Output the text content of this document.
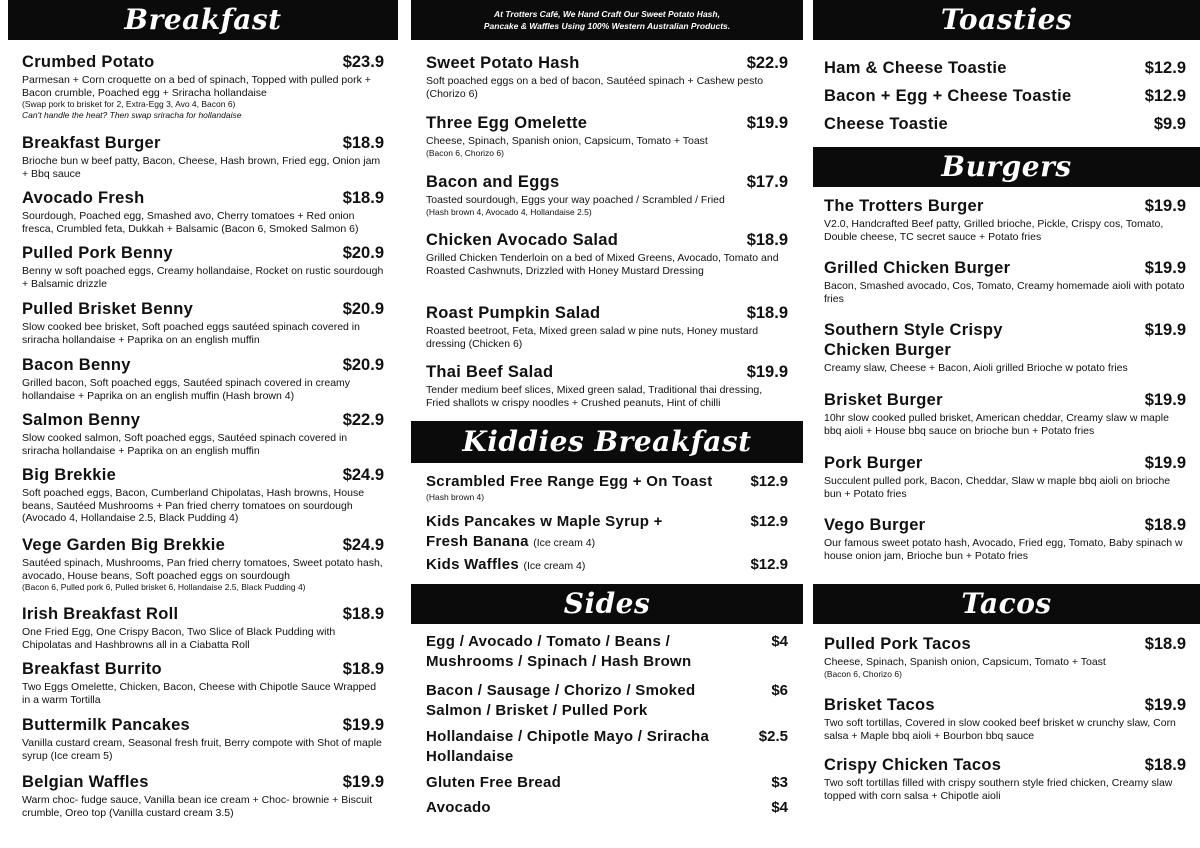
Breakfast
Crumbed Potato	$23.9
Parmesan + Corn croquette on a bed of spinach, Topped with pulled pork + Bacon crumble, Poached egg + Sriracha hollandaise
(Swap pork to brisket for 2, Extra-Egg 3, Avo 4, Bacon 6)
Can't handle the heat? Then swap sriracha for hollandaise
Breakfast Burger	$18.9
Brioche bun w beef patty, Bacon, Cheese, Hash brown, Fried egg, Onion jam + Bbq sauce
Avocado Fresh	$18.9
Sourdough, Poached egg, Smashed avo, Cherry tomatoes + Red onion fresca, Crumbled feta, Dukkah + Balsamic (Bacon 6, Smoked Salmon 6)
Pulled Pork Benny	$20.9
Benny w soft poached eggs, Creamy hollandaise, Rocket on rustic sourdough + Balsamic drizzle
Pulled Brisket Benny	$20.9
Slow cooked bee brisket, Soft poached eggs sautéed spinach covered in sriracha hollandaise + Paprika on an english muffin
Bacon Benny	$20.9
Grilled bacon, Soft poached eggs, Sautéed spinach covered in creamy hollandaise + Paprika on an english muffin (Hash brown 4)
Salmon Benny	$22.9
Slow cooked salmon, Soft poached eggs, Sautéed spinach covered in sriracha hollandaise + Paprika on an english muffin
Big Brekkie	$24.9
Soft poached eggs, Bacon, Cumberland Chipolatas, Hash browns, House beans, Sautéed Mushrooms + Pan fried cherry tomatoes on sourdough (Avocado 4, Hollandaise 2.5, Black Pudding 4)
Vege Garden Big Brekkie	$24.9
Sautéed spinach, Mushrooms, Pan fried cherry tomatoes, Sweet potato hash, avocado, House beans, Soft poached eggs on sourdough
(Bacon 6, Pulled pork 6, Pulled brisket 6, Hollandaise 2.5, Black Pudding 4)
Irish Breakfast Roll	$18.9
One Fried Egg, One Crispy Bacon, Two Slice of Black Pudding with Chipolatas and Hashbrowns all in a Ciabatta Roll
Breakfast Burrito	$18.9
Two Eggs Omelette, Chicken, Bacon, Cheese with Chipotle Sauce Wrapped in a warm Tortilla
Buttermilk Pancakes	$19.9
Vanilla custard cream, Seasonal fresh fruit, Berry compote with Shot of maple syrup (Ice cream 5)
Belgian Waffles	$19.9
Warm choc- fudge sauce, Vanilla bean ice cream + Choc- brownie + Biscuit crumble, Oreo top (Vanilla custard cream 3.5)
At Trotters Café, We Hand Craft Our Sweet Potato Hash,
Pancake & Waffles Using 100% Western Australian Products.
Sweet Potato Hash	$22.9
Soft poached eggs on a bed of bacon, Sautéed spinach + Cashew pesto (Chorizo 6)
Three Egg Omelette	$19.9
Cheese, Spinach, Spanish onion, Capsicum, Tomato + Toast
(Bacon 6, Chorizo 6)
Bacon and Eggs	$17.9
Toasted sourdough, Eggs your way poached / Scrambled / Fried
(Hash brown 4, Avocado 4, Hollandaise 2.5)
Chicken Avocado Salad	$18.9
Grilled Chicken Tenderloin on a bed of Mixed Greens, Avocado, Tomato and Roasted Cashwnuts, Drizzled with Honey Mustard Dressing
Roast Pumpkin Salad	$18.9
Roasted beetroot, Feta, Mixed green salad w pine nuts, Honey mustard dressing (Chicken 6)
Thai Beef Salad	$19.9
Tender medium beef slices, Mixed green salad, Traditional thai dressing, Fried shallots w crispy noodles + Crushed peanuts, Hint of chilli
Kiddies Breakfast
Scrambled Free Range Egg + On Toast	$12.9
(Hash brown 4)
Kids Pancakes w Maple Syrup +	$12.9
Fresh Banana (Ice cream 4)
Kids Waffles (Ice cream 4)	$12.9
Sides
Egg / Avocado / Tomato / Beans /	$4
Mushrooms / Spinach / Hash Brown
Bacon / Sausage / Chorizo / Smoked	$6
Salmon / Brisket / Pulled Pork
Hollandaise / Chipotle Mayo / Sriracha	$2.5
Hollandaise
Gluten Free Bread	$3
Avocado	$4
Toasties
Ham & Cheese Toastie	$12.9
Bacon + Egg + Cheese Toastie	$12.9
Cheese Toastie	$9.9
Burgers
The Trotters Burger	$19.9
V2.0, Handcrafted Beef patty, Grilled brioche, Pickle, Crispy cos, Tomato, Double cheese, TC secret sauce + Potato fries
Grilled Chicken Burger	$19.9
Bacon, Smashed avocado, Cos, Tomato, Creamy homemade aioli with potato fries
Southern Style Crispy	$19.9
Chicken Burger
Creamy slaw, Cheese + Bacon, Aioli grilled Brioche w potato fries
Brisket Burger	$19.9
10hr slow cooked pulled brisket, American cheddar, Creamy slaw w maple bbq aioli + House bbq sauce on brioche bun + Potato fries
Pork Burger	$19.9
Succulent pulled pork, Bacon, Cheddar, Slaw w maple bbq aioli on brioche bun + Potato fries
Vego Burger	$18.9
Our famous sweet potato hash, Avocado, Fried egg, Tomato, Baby spinach w house onion jam, Brioche bun + Potato fries
Tacos
Pulled Pork Tacos	$18.9
Cheese, Spinach, Spanish onion, Capsicum, Tomato + Toast
(Bacon 6, Chorizo 6)
Brisket Tacos	$19.9
Two soft tortillas, Covered in slow cooked beef brisket w crunchy slaw, Corn salsa + Maple bbq aioli + Bourbon bbq sauce
Crispy Chicken Tacos	$18.9
Two soft tortillas filled with crispy southern style fried chicken, Creamy slaw topped with corn salsa + Chipotle aioli
